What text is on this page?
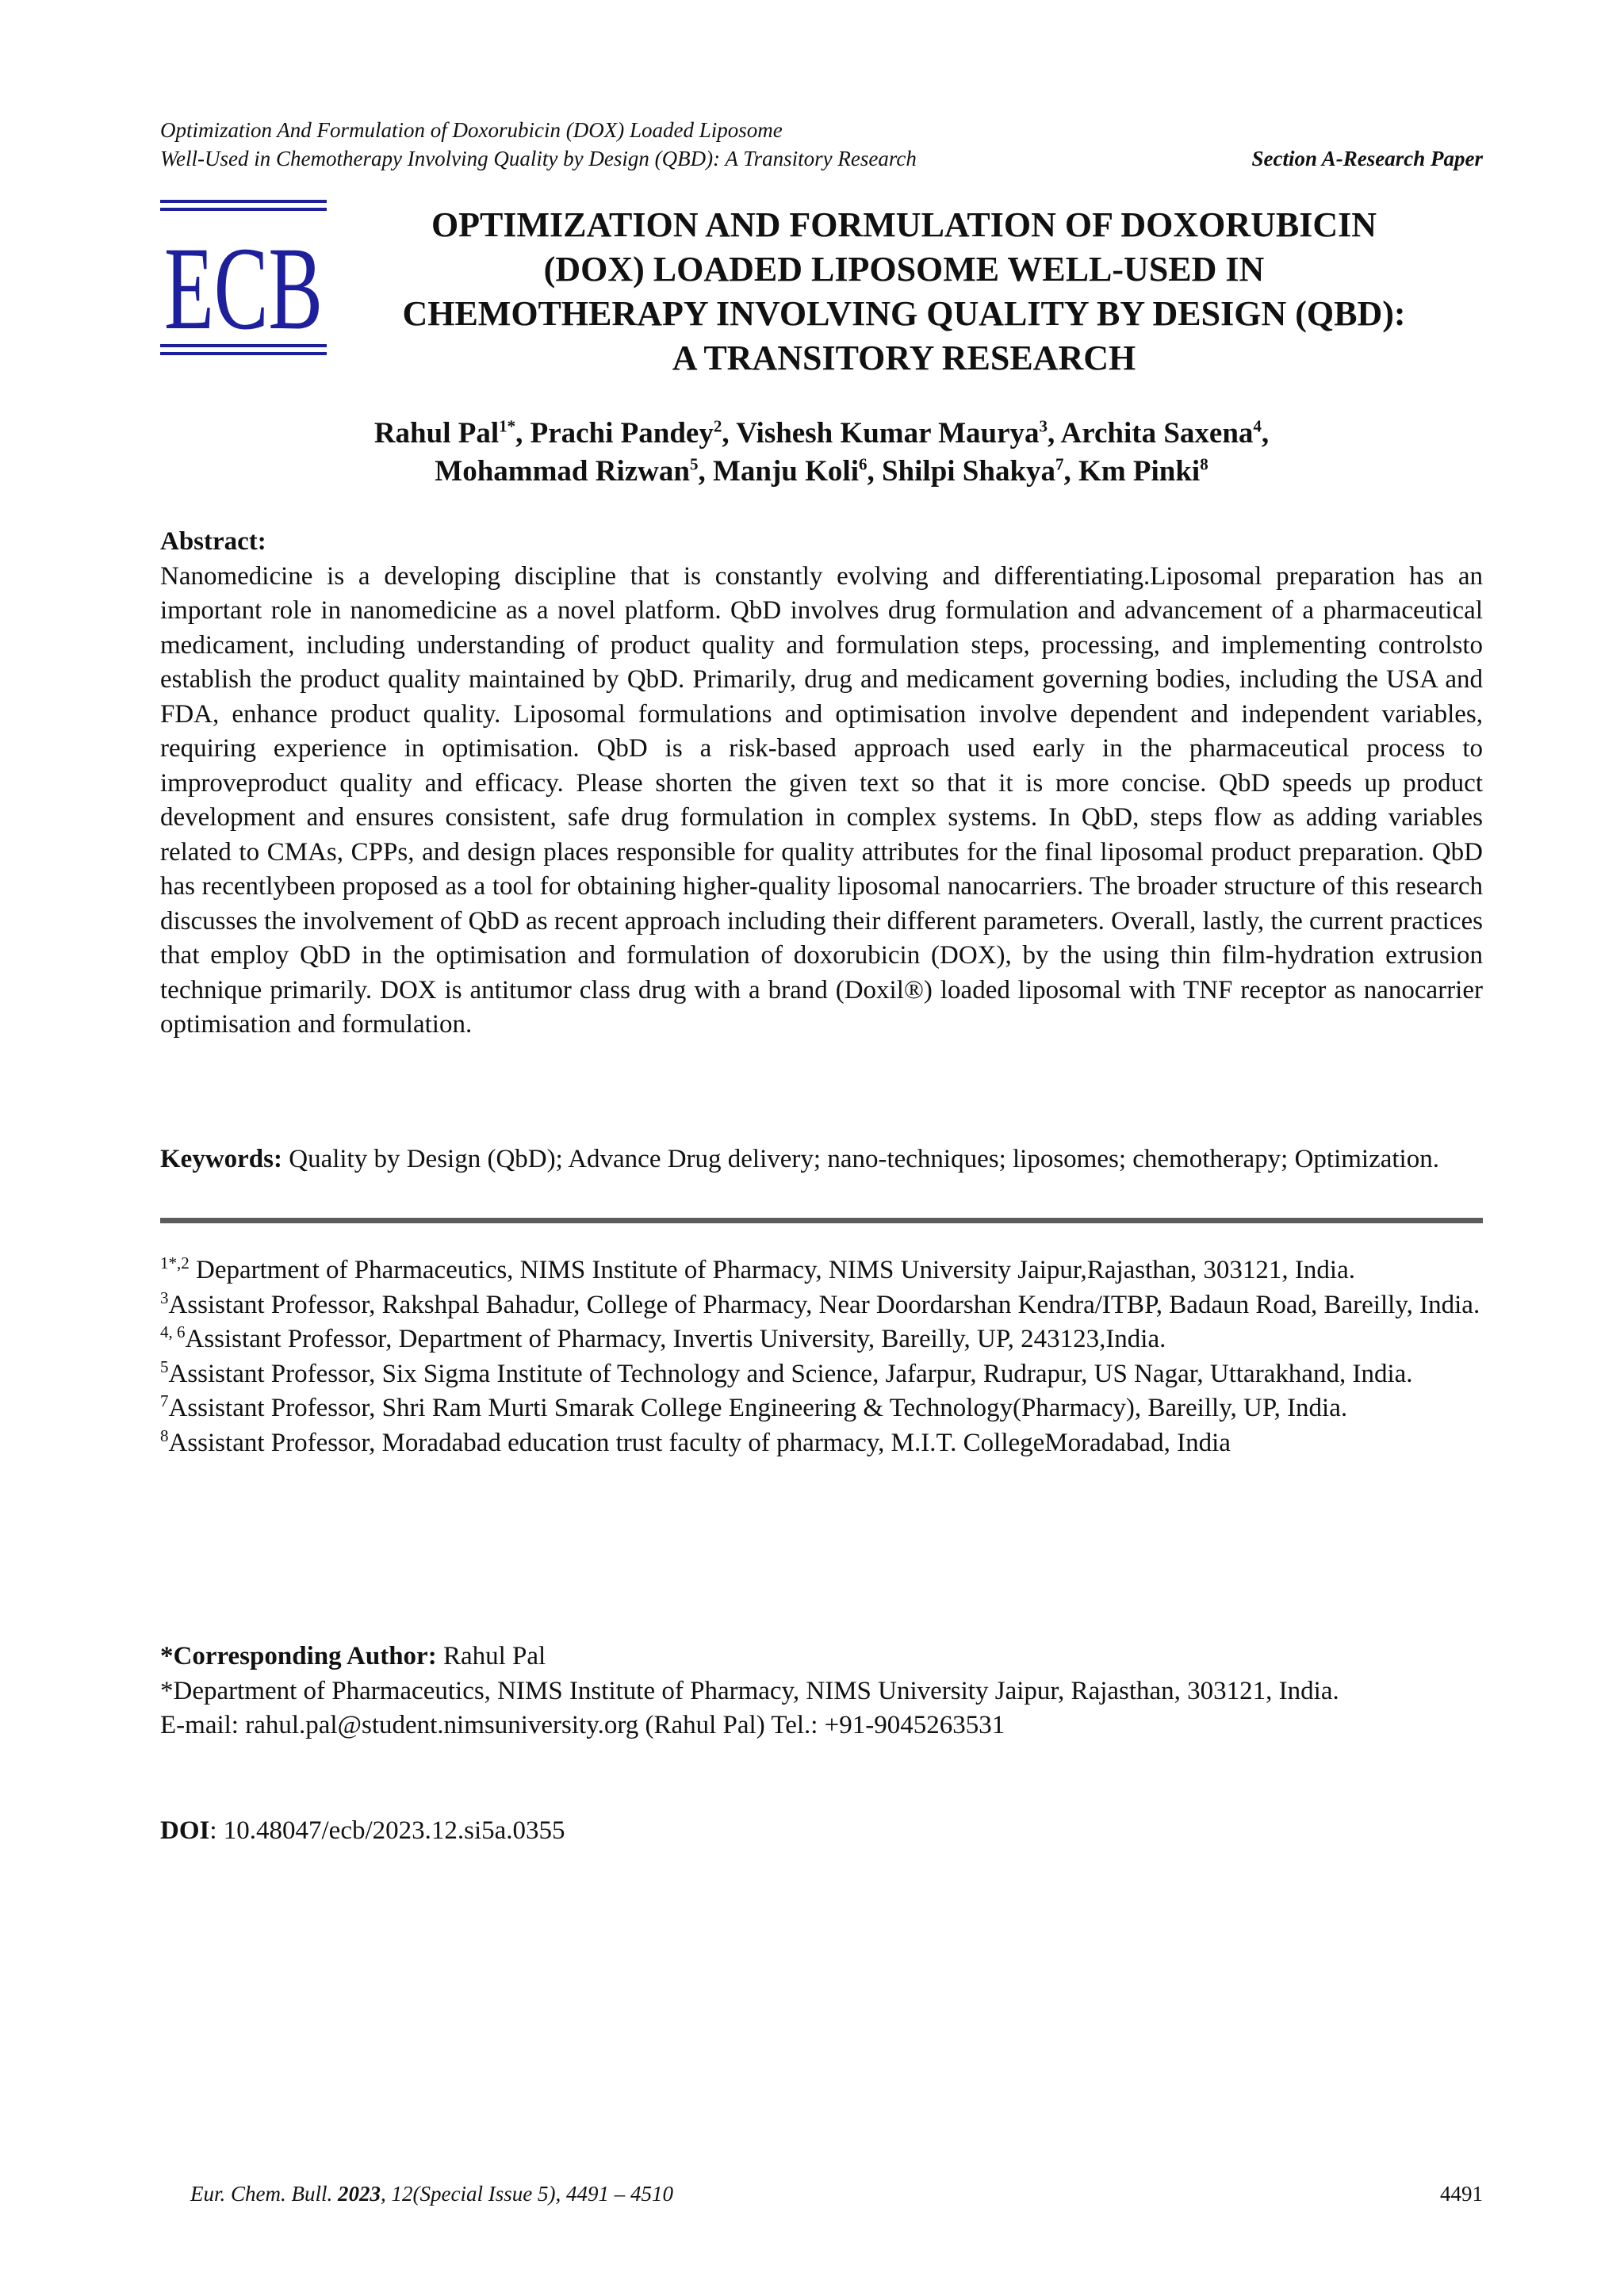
Optimization And Formulation of Doxorubicin (DOX) Loaded Liposome
Well-Used in Chemotherapy Involving Quality by Design (QBD): A Transitory Research	Section A-Research Paper
ECB	OPTIMIZATION AND FORMULATION OF DOXORUBICIN
(DOX) LOADED LIPOSOME WELL-USED IN
CHEMOTHERAPY INVOLVING QUALITY BY DESIGN (QBD):
A TRANSITORY RESEARCH
Rahul Pal$^{1*}$, Prachi Pandey$^2$, Vishesh Kumar Maurya$^3$, Archita Saxena$^4$,
Mohammad Rizwan$^5$, Manju Koli$^6$, Shilpi Shakya$^7$, Km Pinki$^8$
Abstract:
Nanomedicine is a developing discipline that is constantly evolving and differentiating.Liposomal preparation has an important role in nanomedicine as a novel platform. QbD involves drug formulation and advancement of a pharmaceutical medicament, including understanding of product quality and formulation steps, processing, and implementing controlsto establish the product quality maintained by QbD. Primarily, drug and medicament governing bodies, including the USA and FDA, enhance product quality. Liposomal formulations and optimisation involve dependent and independent variables, requiring experience in optimisation. QbD is a risk-based approach used early in the pharmaceutical process to improveproduct quality and efficacy. Please shorten the given text so that it is more concise. QbD speeds up product development and ensures consistent, safe drug formulation in complex systems. In QbD, steps flow as adding variables related to CMAs, CPPs, and design places responsible for quality attributes for the final liposomal product preparation. QbD has recentlybeen proposed as a tool for obtaining higher-quality liposomal nanocarriers. The broader structure of this research discusses the involvement of QbD as recent approach including their different parameters. Overall, lastly, the current practices that employ QbD in the optimisation and formulation of doxorubicin (DOX), by the using thin film-hydration extrusion technique primarily. DOX is antitumor class drug with a brand (Doxil®) loaded liposomal with TNF receptor as nanocarrier optimisation and formulation.
Keywords: Quality by Design (QbD); Advance Drug delivery; nano-techniques; liposomes; chemotherapy; Optimization.
$^{1*,2}$ Department of Pharmaceutics, NIMS Institute of Pharmacy, NIMS University Jaipur,Rajasthan, 303121, India.
$^3$Assistant Professor, Rakshpal Bahadur, College of Pharmacy, Near Doordarshan Kendra/ITBP, Badaun Road, Bareilly, India.
$^{4, 6}$Assistant Professor, Department of Pharmacy, Invertis University, Bareilly, UP, 243123,India.
$^5$Assistant Professor, Six Sigma Institute of Technology and Science, Jafarpur, Rudrapur, US Nagar, Uttarakhand, India.
$^7$Assistant Professor, Shri Ram Murti Smarak College Engineering & Technology(Pharmacy), Bareilly, UP, India.
$^8$Assistant Professor, Moradabad education trust faculty of pharmacy, M.I.T. CollegeMoradabad, India
*Corresponding Author: Rahul Pal
*Department of Pharmaceutics, NIMS Institute of Pharmacy, NIMS University Jaipur, Rajasthan, 303121, India.
E-mail: rahul.pal@student.nimsuniversity.org (Rahul Pal) Tel.: +91-9045263531
DOI: 10.48047/ecb/2023.12.si5a.0355
Eur. Chem. Bull. 2023, 12(Special Issue 5), 4491 – 4510	4491
